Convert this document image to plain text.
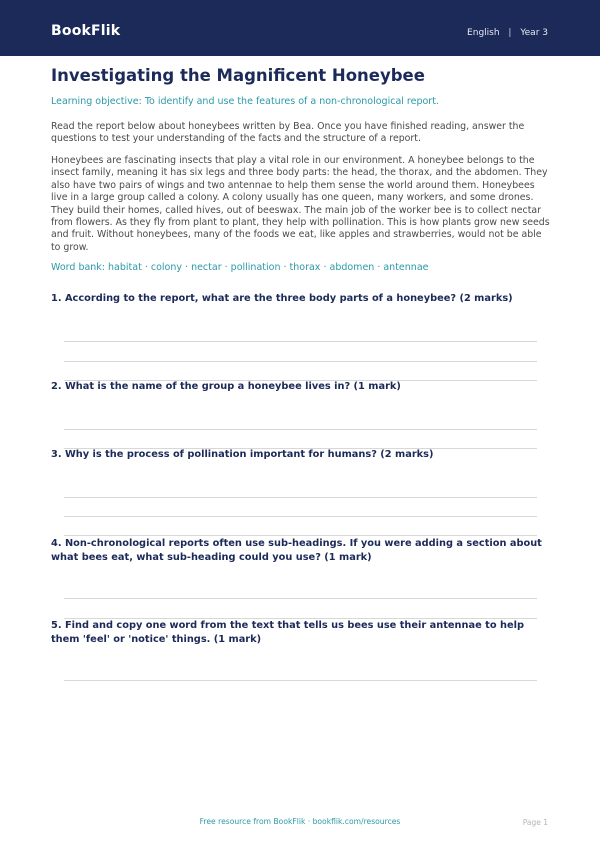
BookFlik	English | Year 3
Investigating the Magnificent Honeybee
Learning objective: To identify and use the features of a non-chronological report.

Read the report below about honeybees written by Bea. Once you have finished reading, answer the questions to test your understanding of the facts and the structure of a report.

Honeybees are fascinating insects that play a vital role in our environment. A honeybee belongs to the insect family, meaning it has six legs and three body parts: the head, the thorax, and the abdomen. They also have two pairs of wings and two antennae to help them sense the world around them. Honeybees live in a large group called a colony. A colony usually has one queen, many workers, and some drones. They build their homes, called hives, out of beeswax. The main job of the worker bee is to collect nectar from flowers. As they fly from plant to plant, they help with pollination. This is how plants grow new seeds and fruit. Without honeybees, many of the foods we eat, like apples and strawberries, would not be able to grow.

Word bank: habitat · colony · nectar · pollination · thorax · abdomen · antennae

1. According to the report, what are the three body parts of a honeybee? (2 marks)

2. What is the name of the group a honeybee lives in? (1 mark)

3. Why is the process of pollination important for humans? (2 marks)

4. Non-chronological reports often use sub-headings. If you were adding a section about what bees eat, what sub-heading could you use? (1 mark)

5. Find and copy one word from the text that tells us bees use their antennae to help them 'feel' or 'notice' things. (1 mark)

Free resource from BookFlik · bookflik.com/resources	Page 1
